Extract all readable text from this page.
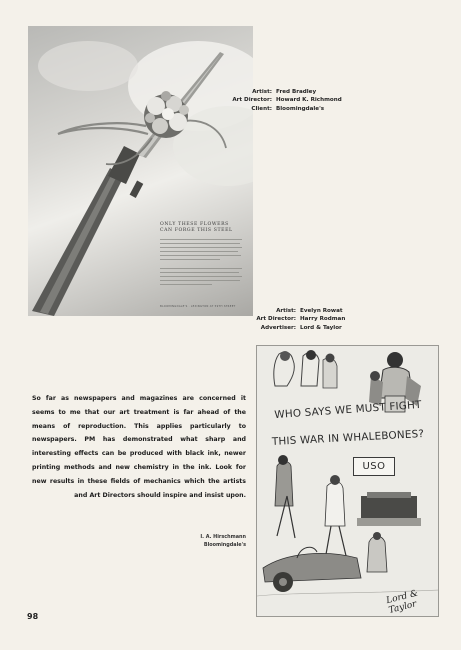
ONLY THESE FLOWERS
CAN FORGE THIS STEEL
BLOOMINGDALE'S · LEXINGTON AT 59TH STREET
Artist: Fred Bradley
Art Director: Howard K. Richmond
Client: Bloomingdale's
Artist: Evelyn Rowat
Art Director: Harry Rodman
Advertiser: Lord & Taylor
So far as newspapers and magazines are concerned it seems to me that our art treatment is far ahead of the means of reproduction. This applies particularly to newspapers. PM has demonstrated what sharp and interesting effects can be produced with black ink, newer printing methods and new chemistry in the ink. Look for new results in these fields of mechanics which the artists and Art Directors should inspire and insist upon.
I. A. Hirschmann
Bloomingdale's
WHO SAYS WE MUST FIGHT
THIS WAR IN WHALEBONES?
USO
Lord & Taylor
98
